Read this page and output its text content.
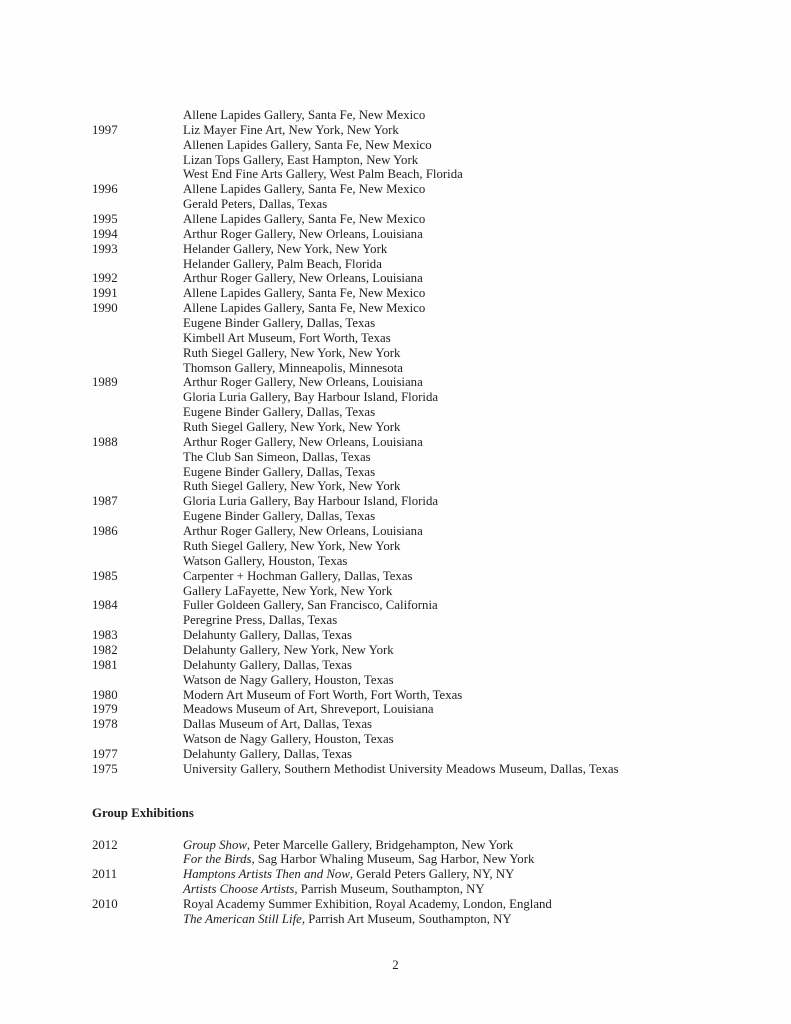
Allene Lapides Gallery, Santa Fe, New Mexico
1997	Liz Mayer Fine Art, New York, New York
Allenen Lapides Gallery, Santa Fe, New Mexico
Lizan Tops Gallery, East Hampton, New York
West End Fine Arts Gallery, West Palm Beach, Florida
1996	Allene Lapides Gallery, Santa Fe, New Mexico
Gerald Peters, Dallas, Texas
1995	Allene Lapides Gallery, Santa Fe, New Mexico
1994	Arthur Roger Gallery, New Orleans, Louisiana
1993	Helander Gallery, New York, New York
Helander Gallery, Palm Beach, Florida
1992	Arthur Roger Gallery, New Orleans, Louisiana
1991	Allene Lapides Gallery, Santa Fe, New Mexico
1990	Allene Lapides Gallery, Santa Fe, New Mexico
Eugene Binder Gallery, Dallas, Texas
Kimbell Art Museum, Fort Worth, Texas
Ruth Siegel Gallery, New York, New York
Thomson Gallery, Minneapolis, Minnesota
1989	Arthur Roger Gallery, New Orleans, Louisiana
Gloria Luria Gallery, Bay Harbour Island, Florida
Eugene Binder Gallery, Dallas, Texas
Ruth Siegel Gallery, New York, New York
1988	Arthur Roger Gallery, New Orleans, Louisiana
The Club San Simeon, Dallas, Texas
Eugene Binder Gallery, Dallas, Texas
Ruth Siegel Gallery, New York, New York
1987	Gloria Luria Gallery, Bay Harbour Island, Florida
Eugene Binder Gallery, Dallas, Texas
1986	Arthur Roger Gallery, New Orleans, Louisiana
Ruth Siegel Gallery, New York, New York
Watson Gallery, Houston, Texas
1985	Carpenter + Hochman Gallery, Dallas, Texas
Gallery LaFayette, New York, New York
1984	Fuller Goldeen Gallery, San Francisco, California
Peregrine Press, Dallas, Texas
1983	Delahunty Gallery, Dallas, Texas
1982	Delahunty Gallery, New York, New York
1981	Delahunty Gallery, Dallas, Texas
Watson de Nagy Gallery, Houston, Texas
1980	Modern Art Museum of Fort Worth, Fort Worth, Texas
1979	Meadows Museum of Art, Shreveport, Louisiana
1978	Dallas Museum of Art, Dallas, Texas
Watson de Nagy Gallery, Houston, Texas
1977	Delahunty Gallery, Dallas, Texas
1975	University Gallery, Southern Methodist University Meadows Museum, Dallas, Texas
Group Exhibitions
2012	Group Show, Peter Marcelle Gallery, Bridgehampton, New York
For the Birds, Sag Harbor Whaling Museum, Sag Harbor, New York
2011	Hamptons Artists Then and Now, Gerald Peters Gallery, NY, NY
Artists Choose Artists, Parrish Museum, Southampton, NY
2010	Royal Academy Summer Exhibition, Royal Academy, London, England
The American Still Life, Parrish Art Museum, Southampton, NY
2
